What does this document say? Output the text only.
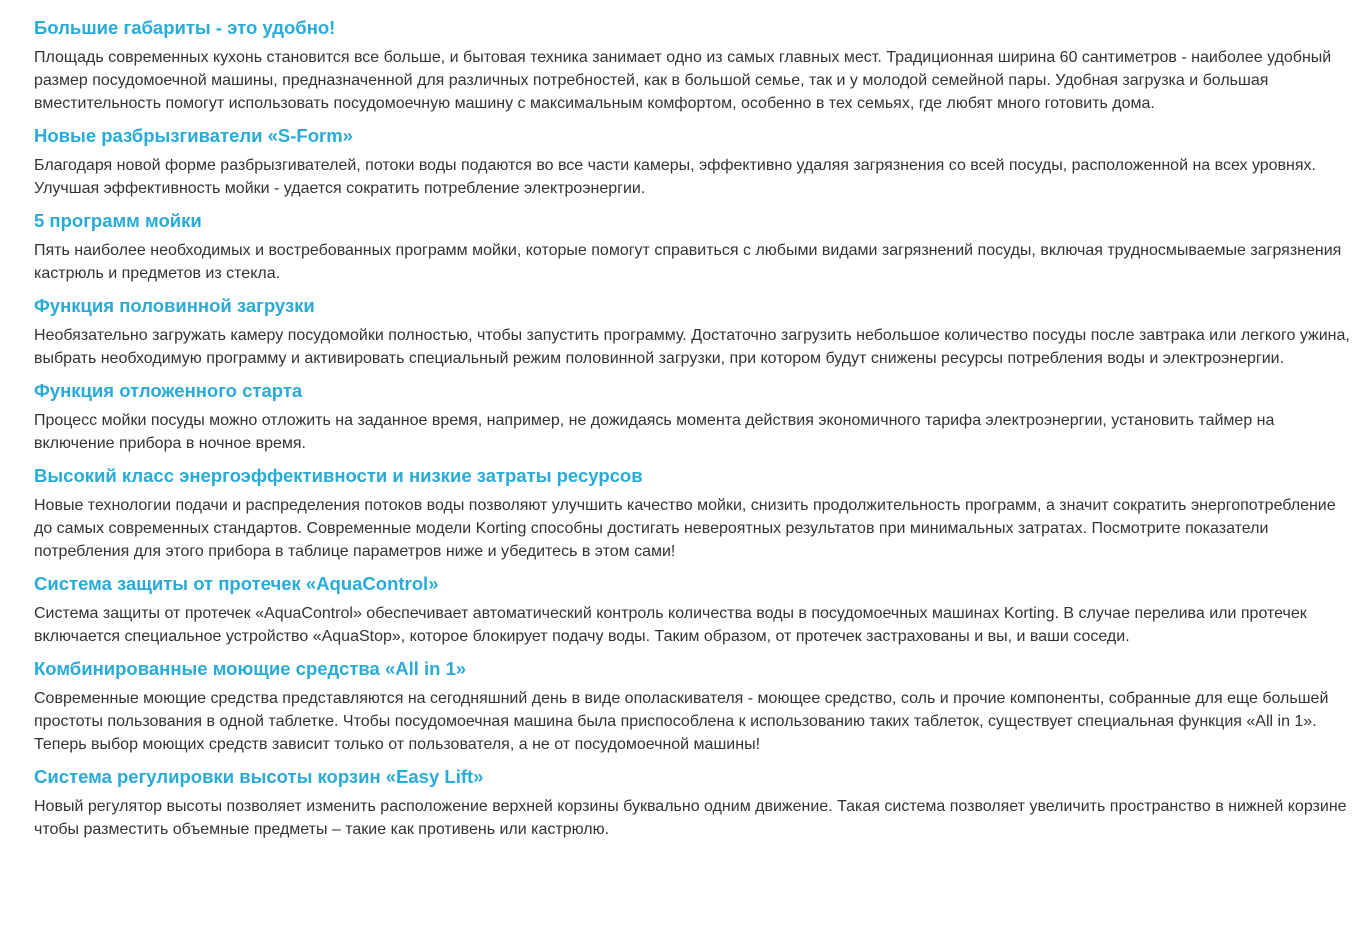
Большие габариты - это удобно!

Площадь современных кухонь становится все больше, и бытовая техника занимает одно из самых главных мест. Традиционная ширина 60 сантиметров - наиболее удобный размер посудомоечной машины, предназначенной для различных потребностей, как в большой семье, так и у молодой семейной пары. Удобная загрузка и большая вместительность помогут использовать посудомоечную машину с максимальным комфортом, особенно в тех семьях, где любят много готовить дома.

Новые разбрызгиватели «S-Form»

Благодаря новой форме разбрызгивателей, потоки воды подаются во все части камеры, эффективно удаляя загрязнения со всей посуды, расположенной на всех уровнях. Улучшая эффективность мойки - удается сократить потребление электроэнергии.

5 программ мойки

Пять наиболее необходимых и востребованных программ мойки, которые помогут справиться с любыми видами загрязнений посуды, включая трудносмываемые загрязнения кастрюль и предметов из стекла.

Функция половинной загрузки

Необязательно загружать камеру посудомойки полностью, чтобы запустить программу. Достаточно загрузить небольшое количество посуды после завтрака или легкого ужина, выбрать необходимую программу и активировать специальный режим половинной загрузки, при котором будут снижены ресурсы потребления воды и электроэнергии.

Функция отложенного старта

Процесс мойки посуды можно отложить на заданное время, например, не дожидаясь момента действия экономичного тарифа электроэнергии, установить таймер на включение прибора в ночное время.

Высокий класс энергоэффективности и низкие затраты ресурсов

Новые технологии подачи и распределения потоков воды позволяют улучшить качество мойки, снизить продолжительность программ, а значит сократить энергопотребление до самых современных стандартов. Современные модели Korting способны достигать невероятных результатов при минимальных затратах. Посмотрите показатели потребления для этого прибора в таблице параметров ниже и убедитесь в этом сами!

Система защиты от протечек «AquaControl»

Система защиты от протечек «AquaControl» обеспечивает автоматический контроль количества воды в посудомоечных машинах Korting. В случае перелива или протечек включается специальное устройство «AquaStop», которое блокирует подачу воды. Таким образом, от протечек застрахованы и вы, и ваши соседи.

Комбинированные моющие средства «All in 1»

Современные моющие средства представляются на сегодняшний день в виде ополаскивателя - моющее средство, соль и прочие компоненты, собранные для еще большей простоты пользования в одной таблетке. Чтобы посудомоечная машина была приспособлена к использованию таких таблеток, существует специальная функция «All in 1». Теперь выбор моющих средств зависит только от пользователя, а не от посудомоечной машины!

Система регулировки высоты корзин «Easy Lift»

Новый регулятор высоты позволяет изменить расположение верхней корзины буквально одним движение. Такая система позволяет увеличить пространство в нижней корзине чтобы разместить объемные предметы – такие как противень или кастрюлю.
